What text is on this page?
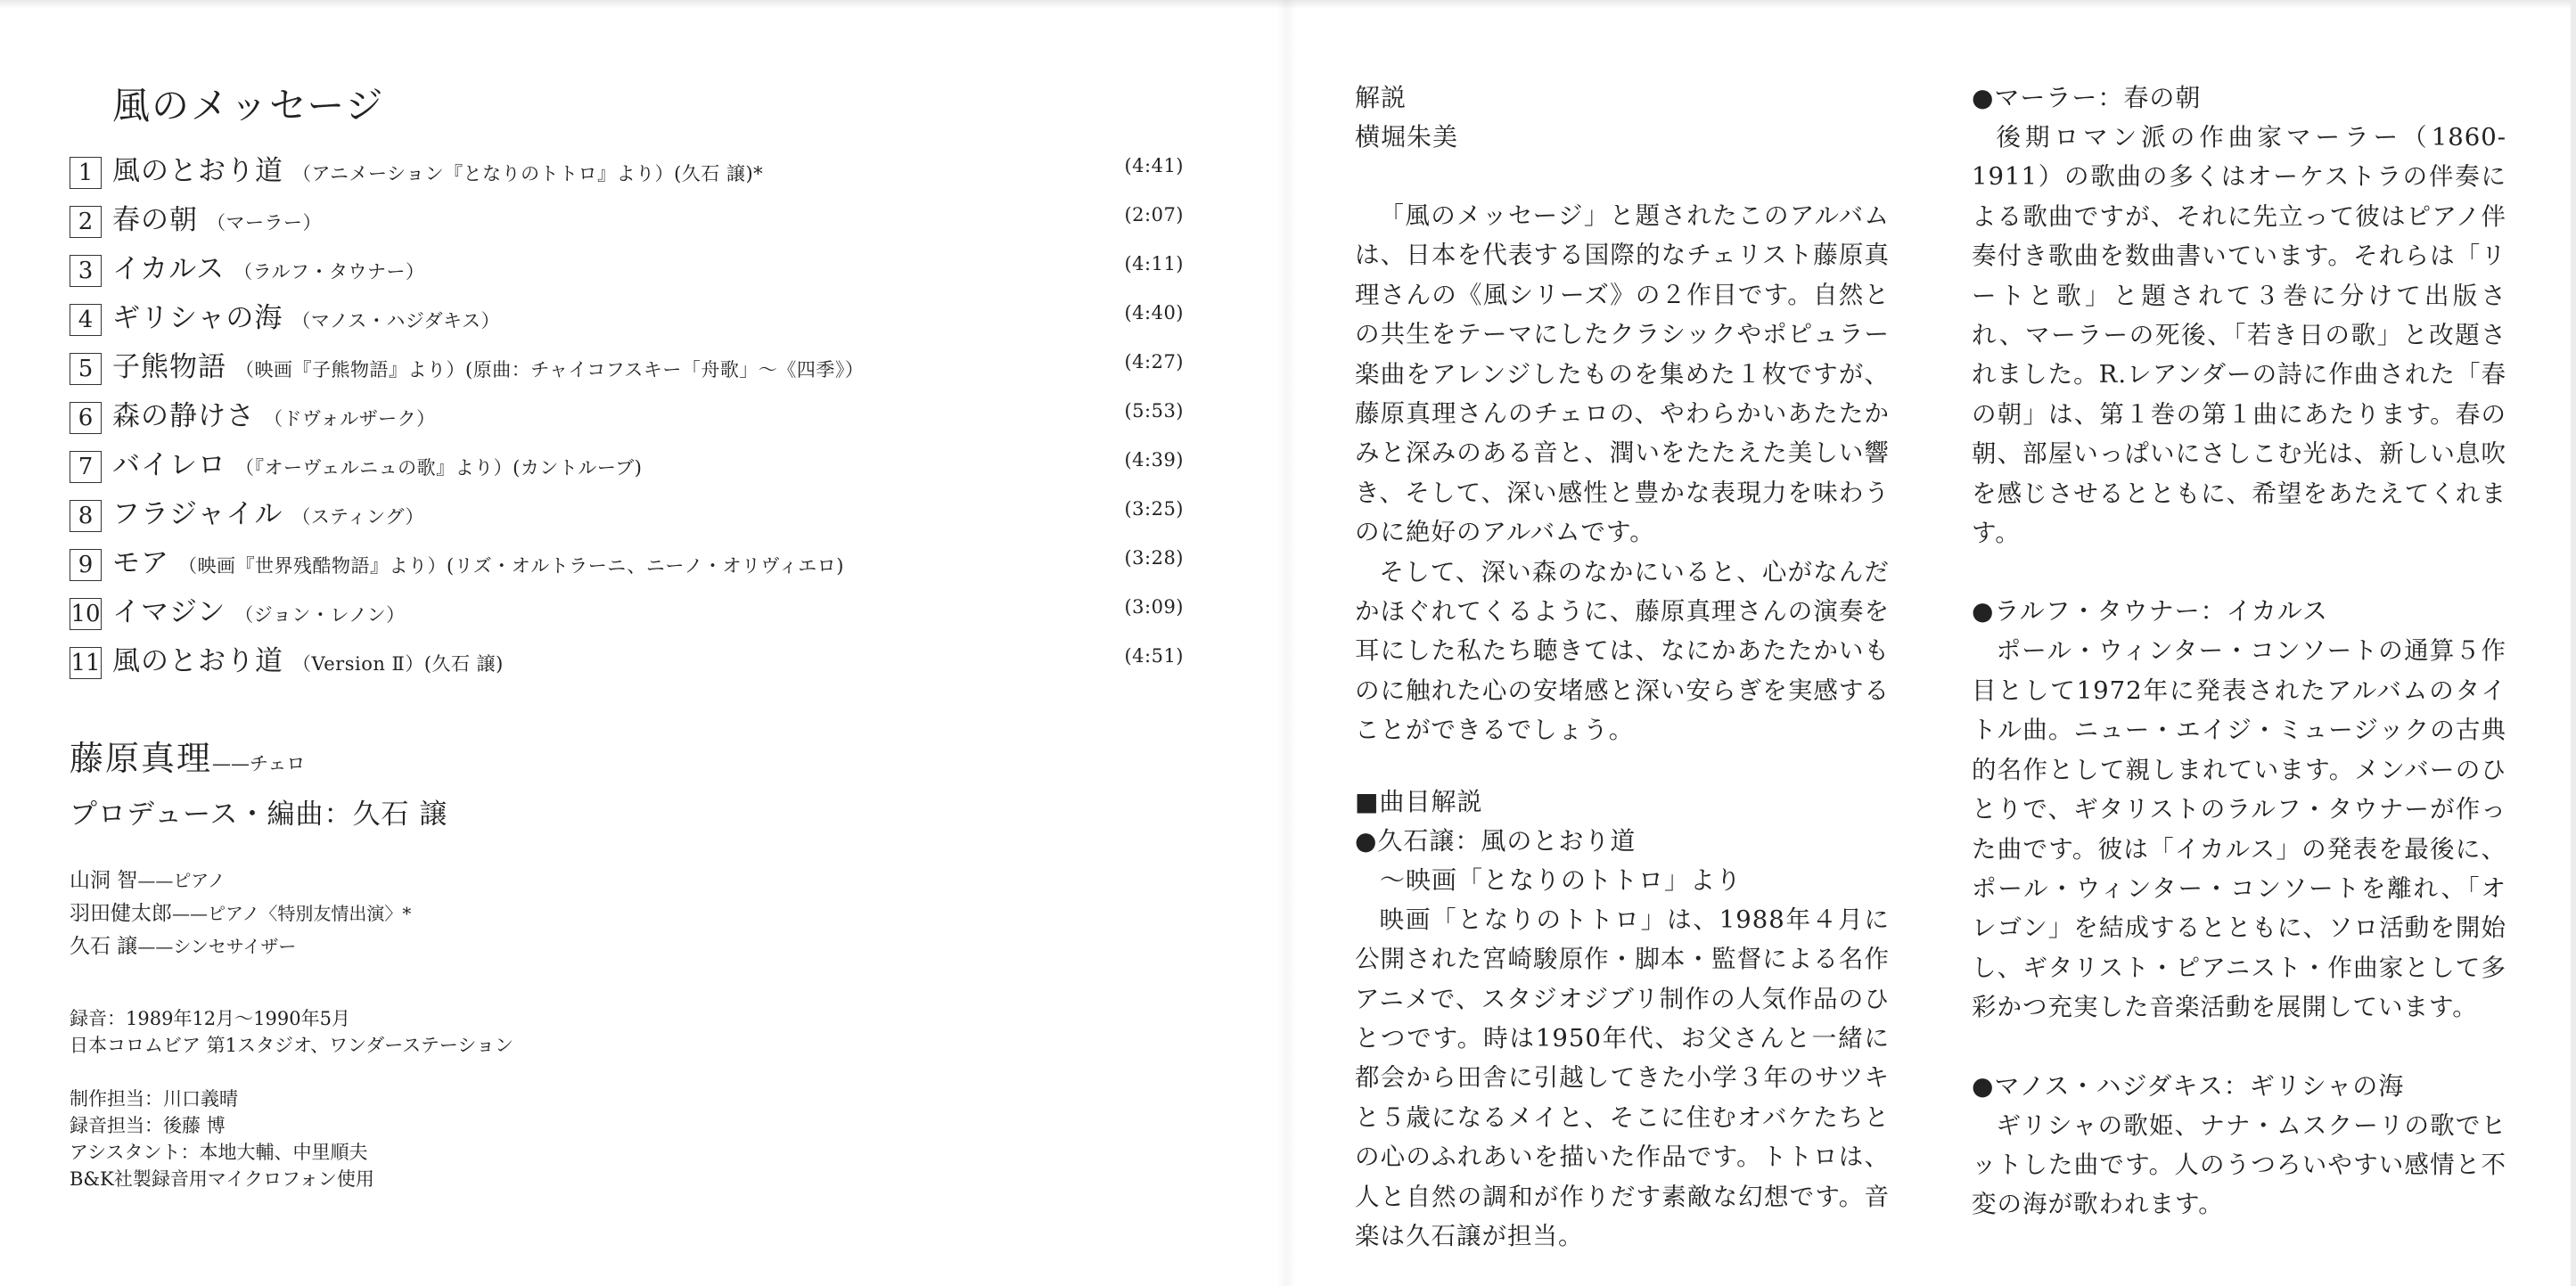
風のメッセージ
1 風のとおり道 （アニメーション『となりのトトロ』より）(久石 譲)*	(4:41)
2 春の朝 （マーラー）	(2:07)
3 イカルス （ラルフ・タウナー）	(4:11)
4 ギリシャの海 （マノス・ハジダキス）	(4:40)
5 子熊物語 （映画『子熊物語』より）(原曲：チャイコフスキー「舟歌」〜《四季》）	(4:27)
6 森の静けさ （ドヴォルザーク）	(5:53)
7 バイレロ （『オーヴェルニュの歌』より）(カントルーブ)	(4:39)
8 フラジャイル （スティング）	(3:25)
9 モア （映画『世界残酷物語』より）(リズ・オルトラーニ、ニーノ・オリヴィエロ)	(3:28)
10 イマジン （ジョン・レノン）	(3:09)
11 風のとおり道 （Version Ⅱ）(久石 譲)	(4:51)
藤原真理——チェロ
プロデュース・編曲：久石 譲
山洞 智——ピアノ
羽田健太郎——ピアノ〈特別友情出演〉*
久石 譲——シンセサイザー
録音：1989年12月〜1990年5月
日本コロムビア 第1スタジオ、ワンダーステーション
制作担当：川口義晴
録音担当：後藤 博
アシスタント：本地大輔、中里順夫
B&K社製録音用マイクロフォン使用
解説
横堀朱美

「風のメッセージ」と題されたこのアルバムは、日本を代表する国際的なチェリスト藤原真理さんの《風シリーズ》の２作目です。自然との共生をテーマにしたクラシックやポピュラー楽曲をアレンジしたものを集めた１枚ですが、藤原真理さんのチェロの、やわらかいあたたかみと深みのある音と、潤いをたたえた美しい響き、そして、深い感性と豊かな表現力を味わうのに絶好のアルバムです。

そして、深い森のなかにいると、心がなんだかほぐれてくるように、藤原真理さんの演奏を耳にした私たち聴きては、なにかあたたかいものに触れた心の安堵感と深い安らぎを実感することができるでしょう。

■曲目解説
●久石譲：風のとおり道
〜映画「となりのトトロ」より

映画「となりのトトロ」は、1988年４月に公開された宮崎駿原作・脚本・監督による名作アニメで、スタジオジブリ制作の人気作品のひとつです。時は1950年代、お父さんと一緒に都会から田舎に引越してきた小学３年のサツキと５歳になるメイと、そこに住むオバケたちとの心のふれあいを描いた作品です。トトロは、人と自然の調和が作りだす素敵な幻想です。音楽は久石譲が担当。

●マーラー：春の朝

後期ロマン派の作曲家マーラー（1860-1911）の歌曲の多くはオーケストラの伴奏による歌曲ですが、それに先立って彼はピアノ伴奏付き歌曲を数曲書いています。それらは「リートと歌」と題されて３巻に分けて出版され、マーラーの死後、「若き日の歌」と改題されました。R.レアンダーの詩に作曲された「春の朝」は、第１巻の第１曲にあたります。春の朝、部屋いっぱいにさしこむ光は、新しい息吹を感じさせるとともに、希望をあたえてくれます。

●ラルフ・タウナー：イカルス

ポール・ウィンター・コンソートの通算５作目として1972年に発表されたアルバムのタイトル曲。ニュー・エイジ・ミュージックの古典的名作として親しまれています。メンバーのひとりで、ギタリストのラルフ・タウナーが作った曲です。彼は「イカルス」の発表を最後に、ポール・ウィンター・コンソートを離れ、「オレゴン」を結成するとともに、ソロ活動を開始し、ギタリスト・ピアニスト・作曲家として多彩かつ充実した音楽活動を展開しています。

●マノス・ハジダキス：ギリシャの海

ギリシャの歌姫、ナナ・ムスクーリの歌でヒットした曲です。人のうつろいやすい感情と不変の海が歌われます。
